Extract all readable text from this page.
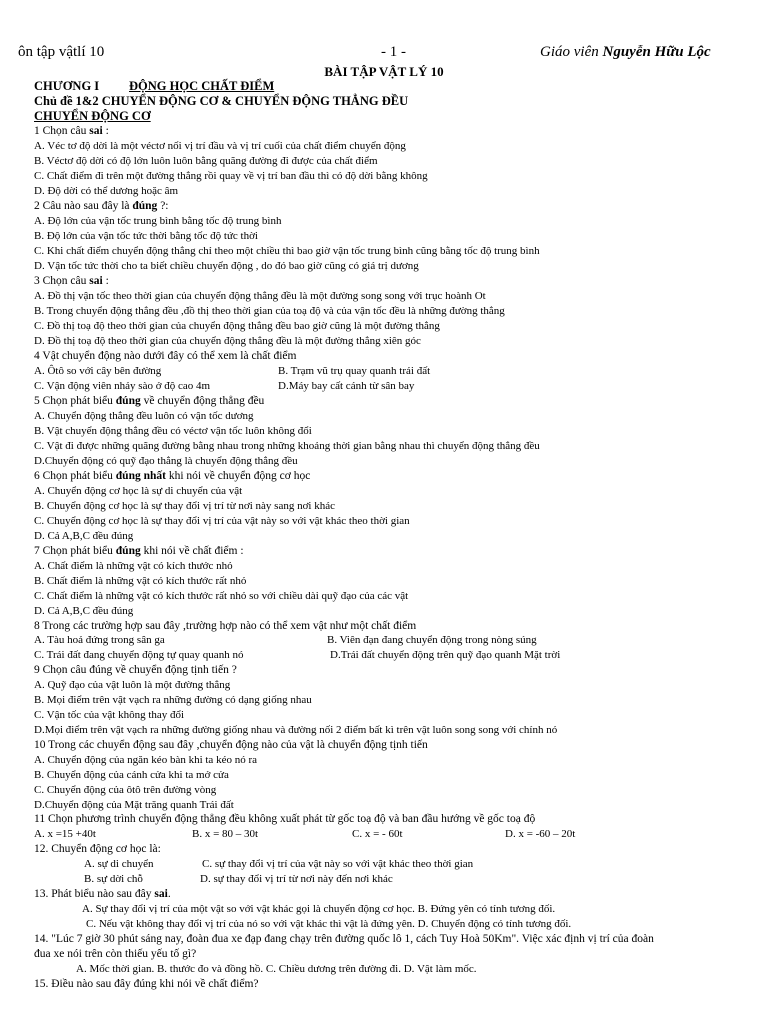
ôn tập vậtlí 10	- 1 -	Giáo viên Nguyễn Hữu Lộc
BÀI TẬP VẬT LÝ 10
CHƯƠNG I ĐỘNG HỌC CHẤT ĐIỂM
Chủ đề 1&2 CHUYỂN ĐỘNG CƠ & CHUYỂN ĐỘNG THẲNG ĐỀU
CHUYỂN ĐỘNG CƠ
1 Chọn câu sai :
A. Véc tơ độ dời là một véctơ nối vị trí đầu và vị trí cuối của chất điểm chuyển động
B. Véctơ độ dời có độ lớn luôn luôn bằng quãng đường đi được của chất điểm
C. Chất điểm đi trên một đường thẳng rồi quay về vị trí ban đầu thì có độ dời bằng không
D. Độ dời có thể dương hoặc âm
2 Câu nào sau đây là đúng ?:
A. Độ lớn của vận tốc trung bình bằng tốc độ trung bình
B. Độ lớn của vận tốc tức thời bằng tốc độ tức thời
C. Khi chất điểm chuyển động thẳng chỉ theo một chiều thì bao giờ vận tốc trung bình cũng bằng tốc độ trung bình
D. Vận tốc tức thời cho ta biết chiều chuyển động , do đó bao giờ cũng có giá trị dương
3 Chọn câu sai :
A. Đồ thị vận tốc theo thời gian của chuyển động thẳng đều là một đường song song với trục hoành Ot
B. Trong chuyển động thẳng đều ,đồ thị theo thời gian của toạ độ và của vận tốc đều là những đường thẳng
C. Đồ thị toạ độ theo thời gian của chuyển động thẳng đều bao giờ cũng là một đường thẳng
D. Đồ thị toạ độ theo thời gian của chuyển động thẳng đều là một đường thẳng xiên góc
4 Vật chuyển động nào dưới đây có thể xem là chất điểm
A. Ôtô so với cây bên đường	B. Trạm vũ trụ quay quanh trái đất
C. Vận động viên nhảy sào ở độ cao 4m	D.Máy bay cất cánh từ sân bay
5 Chọn phát biểu đúng về chuyển động thẳng đều
A. Chuyển động thẳng đều luôn có vận tốc dương
B. Vật chuyển động thẳng đều có véctơ vận tốc luôn không đổi
C. Vật đi được những quãng đường bằng nhau trong những khoảng thời gian bằng nhau thì chuyển động thẳng đều
D.Chuyển động có quỹ đạo thẳng là chuyển động thẳng đều
6 Chọn phát biểu đúng nhất khi nói về chuyển động cơ học
A. Chuyển động cơ học là sự di chuyển của vật
B. Chuyển động cơ học là sự thay đổi vị trí từ nơi này sang nơi khác
C. Chuyển động cơ học là sự thay đổi vị trí của vật này so với vật khác theo thời gian
D. Cả A,B,C đều đúng
7 Chọn phát biểu đúng khi nói về chất điểm :
A. Chất điểm là những vật có kích thước nhỏ
B. Chất điểm là những vật có kích thước rất nhỏ
C. Chất điểm là những vật có kích thước rất nhỏ so với chiều dài quỹ đạo của các vật
D. Cả A,B,C đều đúng
8 Trong các trường hợp sau đây ,trường hợp nào có thể xem vật như một chất điểm
A. Tàu hoả đứng trong sân ga	B. Viên đạn đang chuyển động trong nòng súng
C. Trái đất đang chuyển động tự quay quanh nó	D.Trái đất chuyển động trên quỹ đạo quanh Mặt trời
9 Chọn câu đúng về chuyển động tịnh tiến ?
A. Quỹ đạo của vật luôn là một đường thẳng
B. Mọi điểm trên vật vạch ra những đường có dạng giống nhau
C. Vận tốc của vật không thay đổi
D.Mọi điểm trên vật vạch ra những đường giống nhau và đường nối 2 điểm bất kì trên vật luôn song song với chính nó
10 Trong các chuyển động sau đây ,chuyển động nào của vật là chuyển động tịnh tiến
A. Chuyển động của ngăn kéo bàn khi ta kéo nó ra
B. Chuyển động của cánh cửa khi ta mở cửa
C. Chuyển động của ôtô trên đường vòng
D.Chuyển động của Mặt trăng quanh Trái đất
11 Chọn phương trình chuyển động thẳng đều không xuất phát từ gốc toạ độ và ban đầu hướng về gốc toạ độ
A. x =15 +40t	B. x = 80 – 30t	C. x = - 60t	D. x = -60 – 20t
12. Chuyển động cơ học là:
A. sự di chuyển	C. sự thay đổi vị trí của vật này so với vật khác theo thời gian
B. sự dời chỗ	D. sự thay đổi vị trí từ nơi này đến nơi khác
13. Phát biểu nào sau đây sai.
A. Sự thay đổi vị trí của một vật so với vật khác gọi là chuyển động cơ học. B. Đứng yên có tính tương đối.
C. Nếu vật không thay đổi vị trí của nó so với vật khác thì vật là đứng yên. D. Chuyển động có tính tương đối.
14. "Lúc 7 giờ 30 phút sáng nay, đoàn đua xe đạp đang chạy trên đường quốc lô 1, cách Tuy Hoà 50Km". Việc xác định vị trí của đoàn
đua xe nói trên còn thiếu yếu tố gì?
A. Mốc thời gian. B. thước đo và đồng hồ. C. Chiều dương trên đường đi. D. Vật làm mốc.
15. Điều nào sau đây đúng khi nói về chất điểm?
